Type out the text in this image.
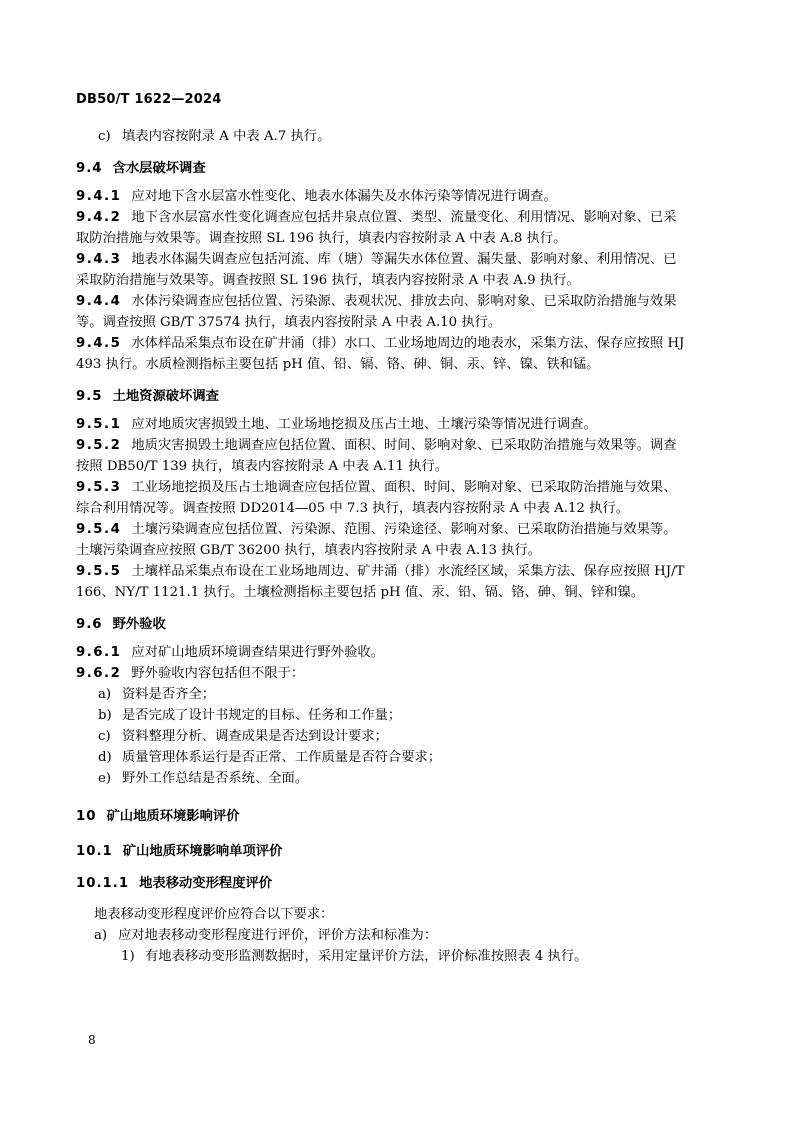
DB50/T 1622—2024
c) 填表内容按附录 A 中表 A.7 执行。
9.4 含水层破坏调查
9.4.1 应对地下含水层富水性变化、地表水体漏失及水体污染等情况进行调查。
9.4.2 地下含水层富水性变化调查应包括井泉点位置、类型、流量变化、利用情况、影响对象、已采
取防治措施与效果等。调查按照 SL 196 执行，填表内容按附录 A 中表 A.8 执行。
9.4.3 地表水体漏失调查应包括河流、库（塘）等漏失水体位置、漏失量、影响对象、利用情况、已
采取防治措施与效果等。调查按照 SL 196 执行，填表内容按附录 A 中表 A.9 执行。
9.4.4 水体污染调查应包括位置、污染源、表观状况、排放去向、影响对象、已采取防治措施与效果
等。调查按照 GB/T 37574 执行，填表内容按附录 A 中表 A.10 执行。
9.4.5 水体样品采集点布设在矿井涌（排）水口、工业场地周边的地表水，采集方法、保存应按照 HJ
493 执行。水质检测指标主要包括 pH 值、铅、镉、铬、砷、铜、汞、锌、镍、铁和锰。
9.5 土地资源破坏调查
9.5.1 应对地质灾害损毁土地、工业场地挖损及压占土地、土壤污染等情况进行调查。
9.5.2 地质灾害损毁土地调查应包括位置、面积、时间、影响对象、已采取防治措施与效果等。调查
按照 DB50/T 139 执行，填表内容按附录 A 中表 A.11 执行。
9.5.3 工业场地挖损及压占土地调查应包括位置、面积、时间、影响对象、已采取防治措施与效果、
综合利用情况等。调查按照 DD2014—05 中 7.3 执行，填表内容按附录 A 中表 A.12 执行。
9.5.4 土壤污染调查应包括位置、污染源、范围、污染途径、影响对象、已采取防治措施与效果等。
土壤污染调查应按照 GB/T 36200 执行，填表内容按附录 A 中表 A.13 执行。
9.5.5 土壤样品采集点布设在工业场地周边、矿井涌（排）水流经区域，采集方法、保存应按照 HJ/T
166、NY/T 1121.1 执行。土壤检测指标主要包括 pH 值、汞、铅、镉、铬、砷、铜、锌和镍。
9.6 野外验收
9.6.1 应对矿山地质环境调查结果进行野外验收。
9.6.2 野外验收内容包括但不限于：
a) 资料是否齐全；
b) 是否完成了设计书规定的目标、任务和工作量；
c) 资料整理分析、调查成果是否达到设计要求；
d) 质量管理体系运行是否正常、工作质量是否符合要求；
e) 野外工作总结是否系统、全面。
10 矿山地质环境影响评价
10.1 矿山地质环境影响单项评价
10.1.1 地表移动变形程度评价
地表移动变形程度评价应符合以下要求：
a) 应对地表移动变形程度进行评价，评价方法和标准为：
1) 有地表移动变形监测数据时，采用定量评价方法，评价标准按照表 4 执行。
8
